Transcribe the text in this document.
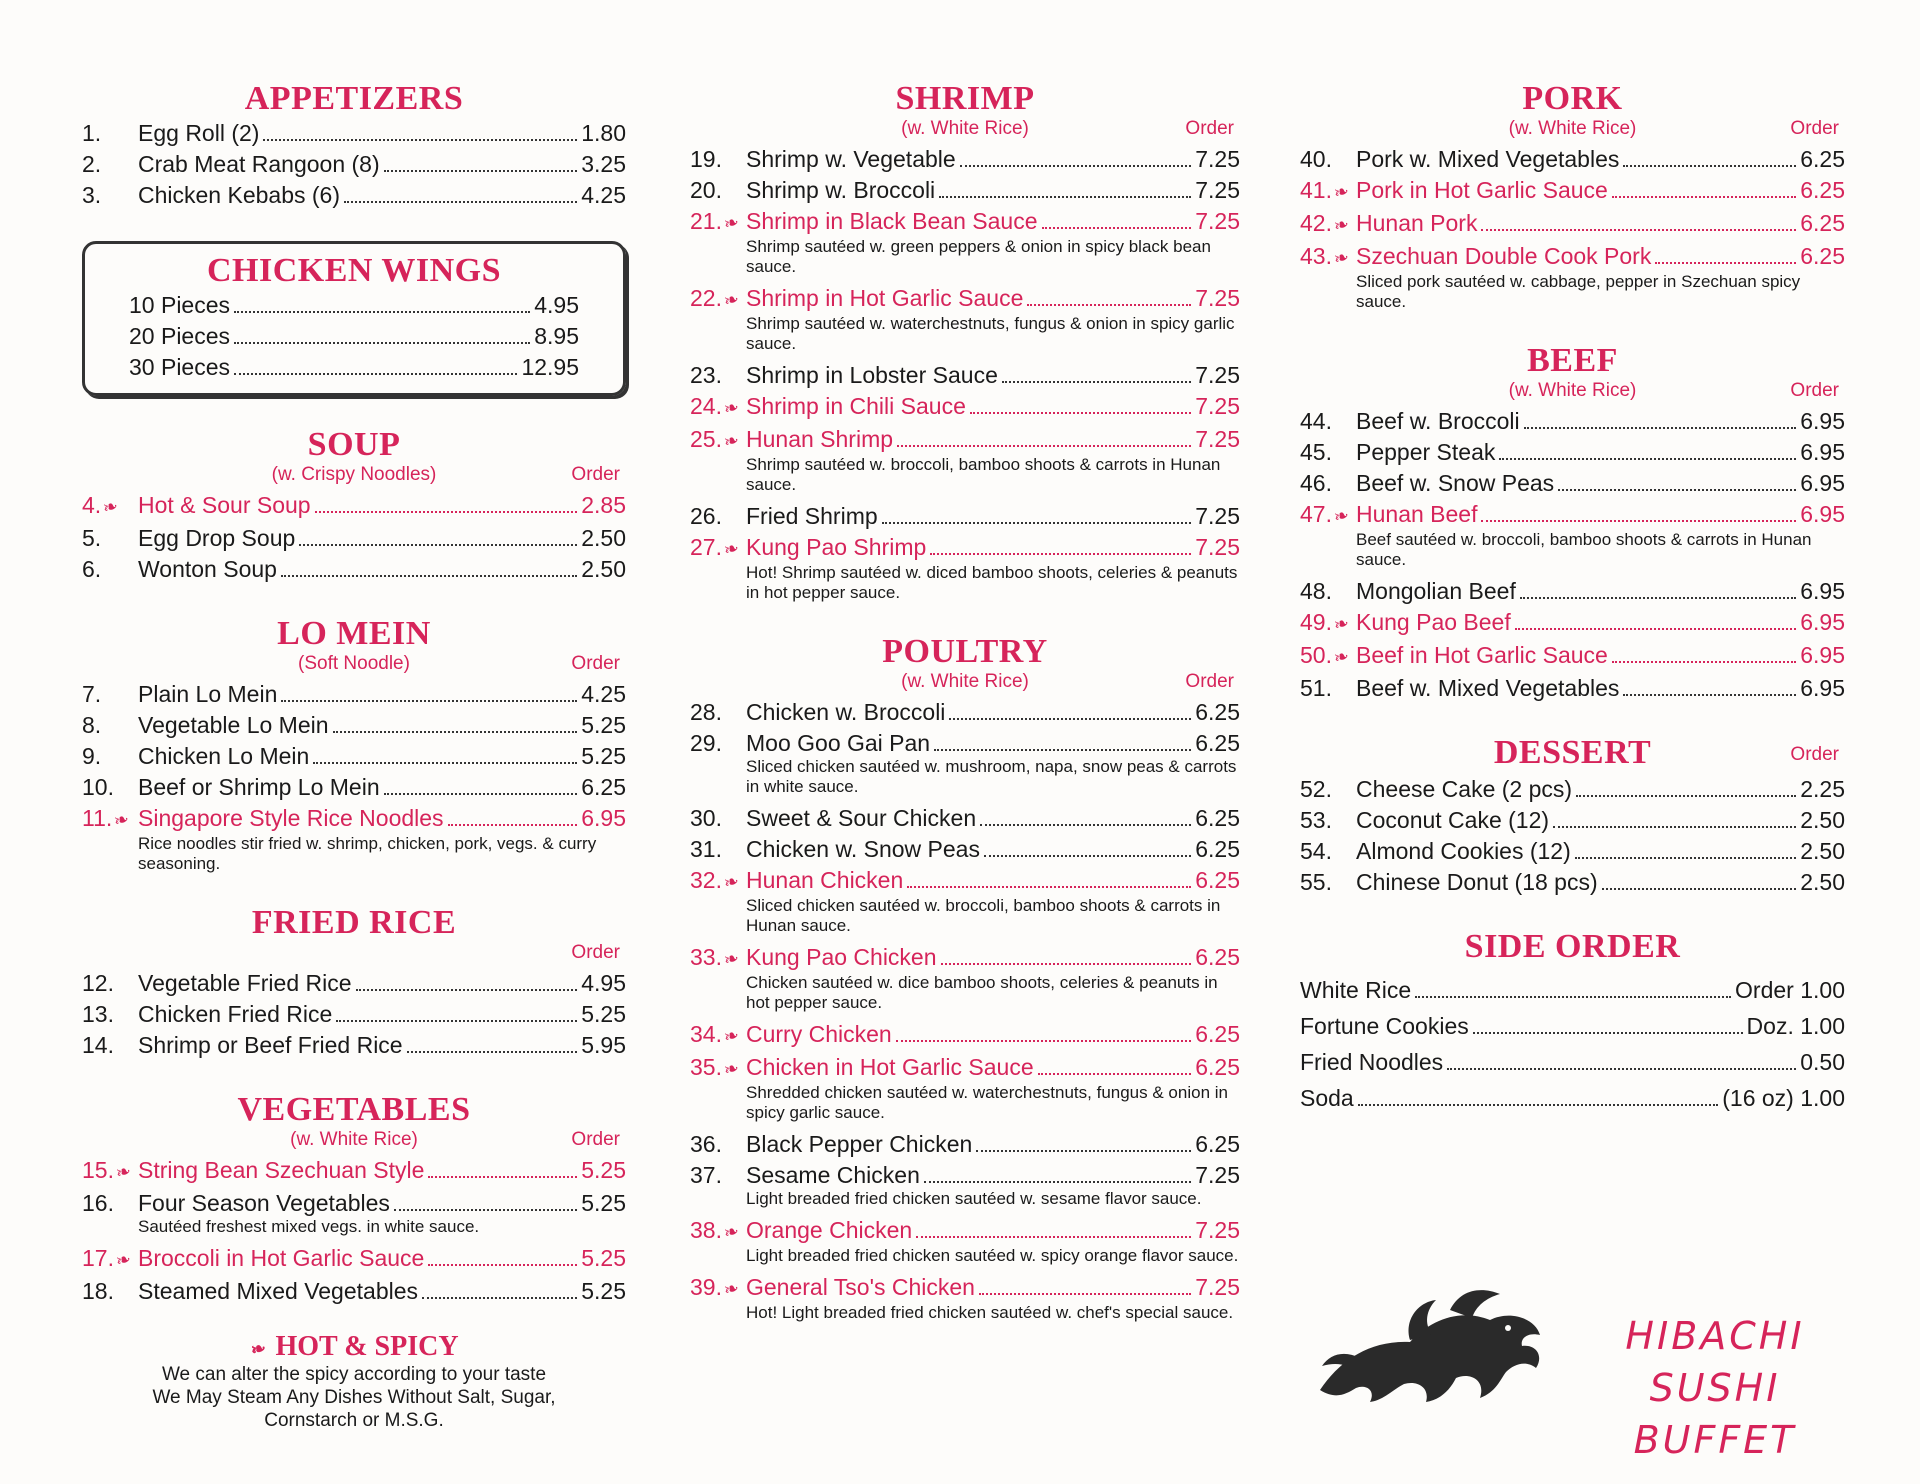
APPETIZERS
1.	Egg Roll (2)	1.80
2.	Crab Meat Rangoon (8)	3.25
3.	Chicken Kebabs (6)	4.25
CHICKEN WINGS
10 Pieces	4.95
20 Pieces	8.95
30 Pieces	12.95
SOUP
(w. Crispy Noodles)	Order
4.❧ Hot & Sour Soup	2.85
5.	Egg Drop Soup	2.50
6.	Wonton Soup	2.50
LO MEIN
(Soft Noodle)	Order
7.	Plain Lo Mein	4.25
8.	Vegetable Lo Mein	5.25
9.	Chicken Lo Mein	5.25
10.	Beef or Shrimp Lo Mein	6.25
11.❧ Singapore Style Rice Noodles	6.95
Rice noodles stir fried w. shrimp, chicken, pork, vegs. & curry seasoning.
FRIED RICE
Order
12.	Vegetable Fried Rice	4.95
13.	Chicken Fried Rice	5.25
14.	Shrimp or Beef Fried Rice	5.95
VEGETABLES
(w. White Rice)	Order
15.❧ String Bean Szechuan Style	5.25
16.	Four Season Vegetables	5.25
Sautéed freshest mixed vegs. in white sauce.
17.❧ Broccoli in Hot Garlic Sauce	5.25
18.	Steamed Mixed Vegetables	5.25
❧ HOT & SPICY
We can alter the spicy according to your taste
We May Steam Any Dishes Without Salt, Sugar,
Cornstarch or M.S.G.
SHRIMP
(w. White Rice)	Order
19.	Shrimp w. Vegetable	7.25
20.	Shrimp w. Broccoli	7.25
21.❧ Shrimp in Black Bean Sauce	7.25
Shrimp sautéed w. green peppers & onion in spicy black bean sauce.
22.❧ Shrimp in Hot Garlic Sauce	7.25
Shrimp sautéed w. waterchestnuts, fungus & onion in spicy garlic sauce.
23.	Shrimp in Lobster Sauce	7.25
24.❧ Shrimp in Chili Sauce	7.25
25.❧ Hunan Shrimp	7.25
Shrimp sautéed w. broccoli, bamboo shoots & carrots in Hunan sauce.
26.	Fried Shrimp	7.25
27.❧ Kung Pao Shrimp	7.25
Hot! Shrimp sautéed w. diced bamboo shoots, celeries & peanuts in hot pepper sauce.
POULTRY
(w. White Rice)	Order
28.	Chicken w. Broccoli	6.25
29.	Moo Goo Gai Pan	6.25
Sliced chicken sautéed w. mushroom, napa, snow peas & carrots in white sauce.
30.	Sweet & Sour Chicken	6.25
31.	Chicken w. Snow Peas	6.25
32.❧ Hunan Chicken	6.25
Sliced chicken sautéed w. broccoli, bamboo shoots & carrots in Hunan sauce.
33.❧ Kung Pao Chicken	6.25
Chicken sautéed w. dice bamboo shoots, celeries & peanuts in hot pepper sauce.
34.❧ Curry Chicken	6.25
35.❧ Chicken in Hot Garlic Sauce	6.25
Shredded chicken sautéed w. waterchestnuts, fungus & onion in spicy garlic sauce.
36.	Black Pepper Chicken	6.25
37.	Sesame Chicken	7.25
Light breaded fried chicken sautéed w. sesame flavor sauce.
38.❧ Orange Chicken	7.25
Light breaded fried chicken sautéed w. spicy orange flavor sauce.
39.❧ General Tso's Chicken	7.25
Hot! Light breaded fried chicken sautéed w. chef's special sauce.
PORK
(w. White Rice)	Order
40.	Pork w. Mixed Vegetables	6.25
41.❧ Pork in Hot Garlic Sauce	6.25
42.❧ Hunan Pork	6.25
43.❧ Szechuan Double Cook Pork	6.25
Sliced pork sautéed w. cabbage, pepper in Szechuan spicy sauce.
BEEF
(w. White Rice)	Order
44.	Beef w. Broccoli	6.95
45.	Pepper Steak	6.95
46.	Beef w. Snow Peas	6.95
47.❧ Hunan Beef	6.95
Beef sautéed w. broccoli, bamboo shoots & carrots in Hunan sauce.
48.	Mongolian Beef	6.95
49.❧ Kung Pao Beef	6.95
50.❧ Beef in Hot Garlic Sauce	6.95
51.	Beef w. Mixed Vegetables	6.95
DESSERT	Order
52.	Cheese Cake (2 pcs)	2.25
53.	Coconut Cake (12)	2.50
54.	Almond Cookies (12)	2.50
55.	Chinese Donut (18 pcs)	2.50
SIDE ORDER
White Rice	Order 1.00
Fortune Cookies	Doz. 1.00
Fried Noodles	0.50
Soda	(16 oz) 1.00
HIBACHI SUSHI
BUFFET
